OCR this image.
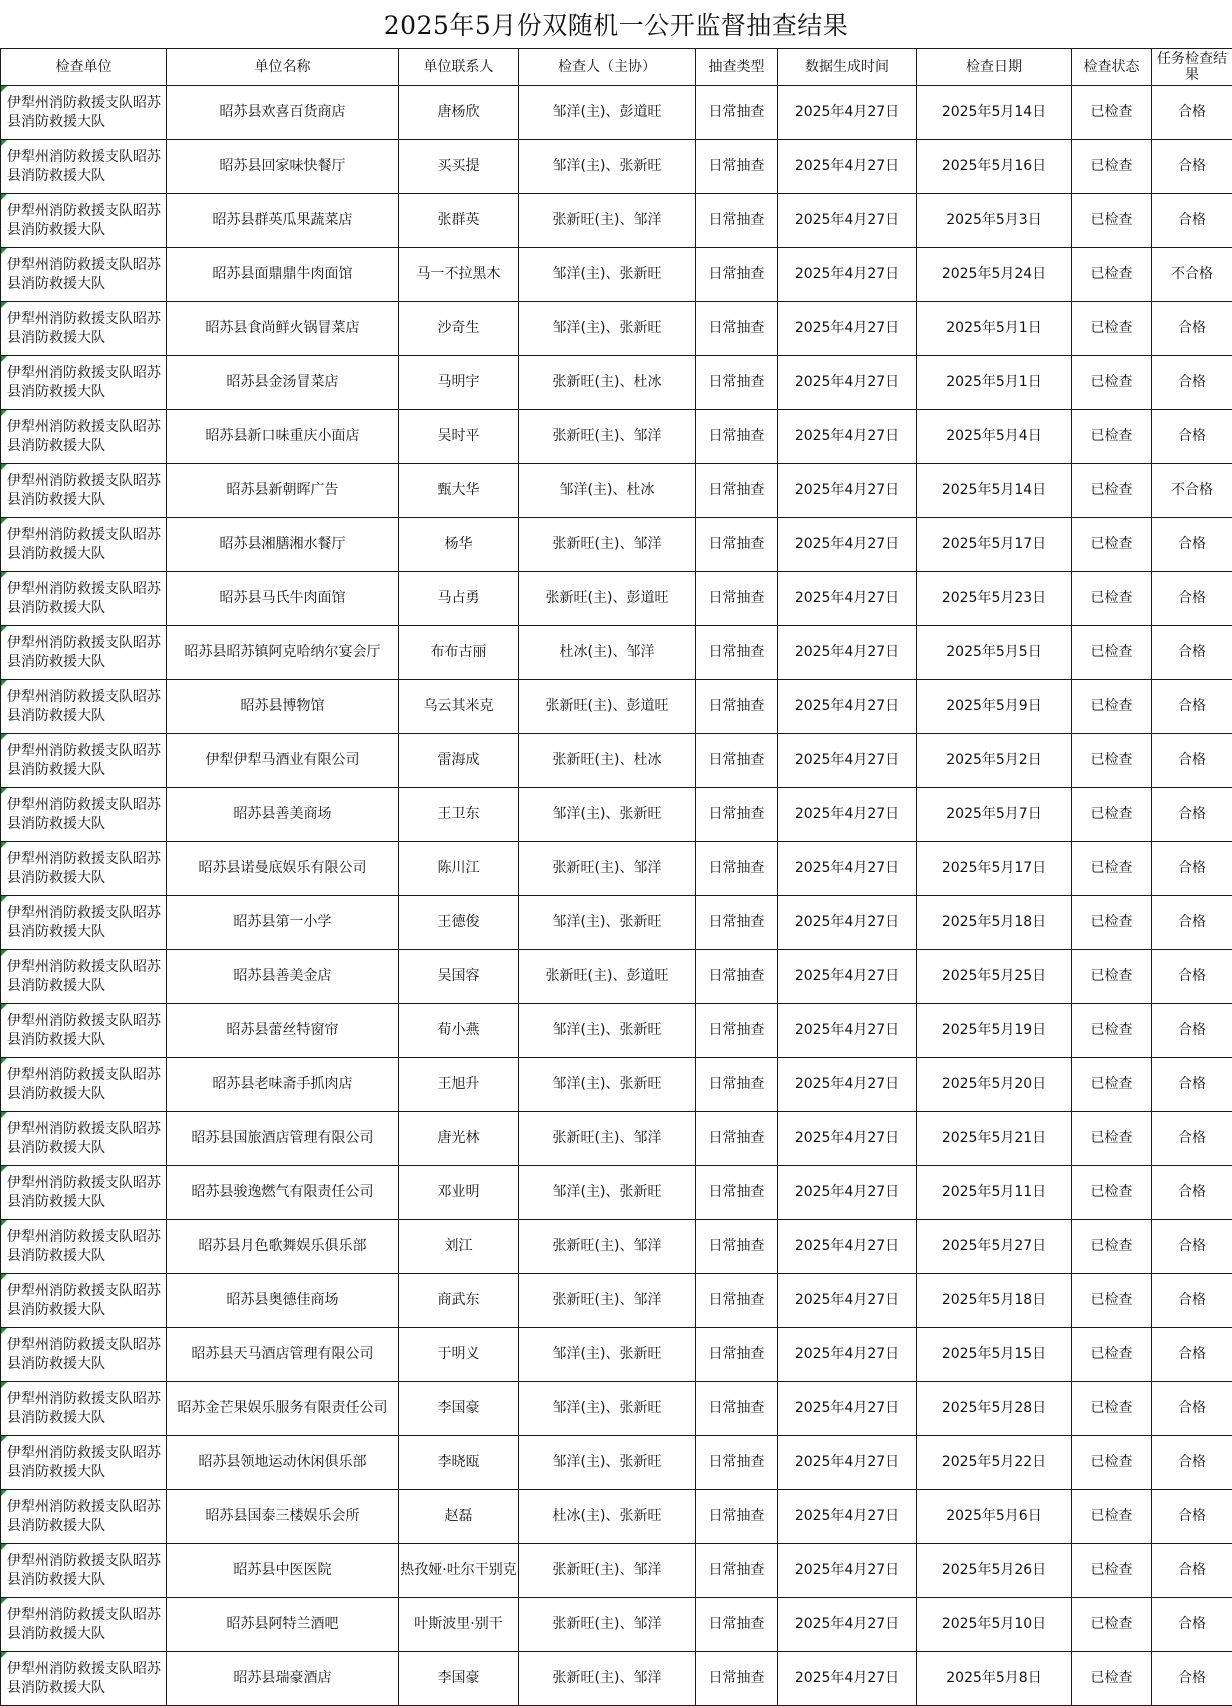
2025年5月份双随机一公开监督抽查结果
检查单位	单位名称	单位联系人	检查人（主协）	抽查类型	数据生成时间	检查日期	检查状态	任务检查结果
伊犁州消防救援支队昭苏县消防救援大队	昭苏县欢喜百货商店	唐杨欣	邹洋(主)、彭道旺	日常抽查	2025年4月27日	2025年5月14日	已检查	合格
伊犁州消防救援支队昭苏县消防救援大队	昭苏县回家味快餐厅	买买提	邹洋(主)、张新旺	日常抽查	2025年4月27日	2025年5月16日	已检查	合格
伊犁州消防救援支队昭苏县消防救援大队	昭苏县群英瓜果蔬菜店	张群英	张新旺(主)、邹洋	日常抽查	2025年4月27日	2025年5月3日	已检查	合格
伊犁州消防救援支队昭苏县消防救援大队	昭苏县面鼎鼎牛肉面馆	马一不拉黑木	邹洋(主)、张新旺	日常抽查	2025年4月27日	2025年5月24日	已检查	不合格
伊犁州消防救援支队昭苏县消防救援大队	昭苏县食尚鲜火锅冒菜店	沙奇生	邹洋(主)、张新旺	日常抽查	2025年4月27日	2025年5月1日	已检查	合格
伊犁州消防救援支队昭苏县消防救援大队	昭苏县金汤冒菜店	马明宇	张新旺(主)、杜冰	日常抽查	2025年4月27日	2025年5月1日	已检查	合格
伊犁州消防救援支队昭苏县消防救援大队	昭苏县新口味重庆小面店	吴时平	张新旺(主)、邹洋	日常抽查	2025年4月27日	2025年5月4日	已检查	合格
伊犁州消防救援支队昭苏县消防救援大队	昭苏县新朝晖广告	甄大华	邹洋(主)、杜冰	日常抽查	2025年4月27日	2025年5月14日	已检查	不合格
伊犁州消防救援支队昭苏县消防救援大队	昭苏县湘膳湘水餐厅	杨华	张新旺(主)、邹洋	日常抽查	2025年4月27日	2025年5月17日	已检查	合格
伊犁州消防救援支队昭苏县消防救援大队	昭苏县马氏牛肉面馆	马占勇	张新旺(主)、彭道旺	日常抽查	2025年4月27日	2025年5月23日	已检查	合格
伊犁州消防救援支队昭苏县消防救援大队	昭苏县昭苏镇阿克哈纳尔宴会厅	布布古丽	杜冰(主)、邹洋	日常抽查	2025年4月27日	2025年5月5日	已检查	合格
伊犁州消防救援支队昭苏县消防救援大队	昭苏县博物馆	乌云其米克	张新旺(主)、彭道旺	日常抽查	2025年4月27日	2025年5月9日	已检查	合格
伊犁州消防救援支队昭苏县消防救援大队	伊犁伊犁马酒业有限公司	雷海成	张新旺(主)、杜冰	日常抽查	2025年4月27日	2025年5月2日	已检查	合格
伊犁州消防救援支队昭苏县消防救援大队	昭苏县善美商场	王卫东	邹洋(主)、张新旺	日常抽查	2025年4月27日	2025年5月7日	已检查	合格
伊犁州消防救援支队昭苏县消防救援大队	昭苏县诺曼底娱乐有限公司	陈川江	张新旺(主)、邹洋	日常抽查	2025年4月27日	2025年5月17日	已检查	合格
伊犁州消防救援支队昭苏县消防救援大队	昭苏县第一小学	王德俊	邹洋(主)、张新旺	日常抽查	2025年4月27日	2025年5月18日	已检查	合格
伊犁州消防救援支队昭苏县消防救援大队	昭苏县善美金店	吴国容	张新旺(主)、彭道旺	日常抽查	2025年4月27日	2025年5月25日	已检查	合格
伊犁州消防救援支队昭苏县消防救援大队	昭苏县蕾丝特窗帘	荀小燕	邹洋(主)、张新旺	日常抽查	2025年4月27日	2025年5月19日	已检查	合格
伊犁州消防救援支队昭苏县消防救援大队	昭苏县老味斋手抓肉店	王旭升	邹洋(主)、张新旺	日常抽查	2025年4月27日	2025年5月20日	已检查	合格
伊犁州消防救援支队昭苏县消防救援大队	昭苏县国旅酒店管理有限公司	唐光林	张新旺(主)、邹洋	日常抽查	2025年4月27日	2025年5月21日	已检查	合格
伊犁州消防救援支队昭苏县消防救援大队	昭苏县骏逸燃气有限责任公司	邓业明	邹洋(主)、张新旺	日常抽查	2025年4月27日	2025年5月11日	已检查	合格
伊犁州消防救援支队昭苏县消防救援大队	昭苏县月色歌舞娱乐俱乐部	刘江	张新旺(主)、邹洋	日常抽查	2025年4月27日	2025年5月27日	已检查	合格
伊犁州消防救援支队昭苏县消防救援大队	昭苏县奥德佳商场	商武东	张新旺(主)、邹洋	日常抽查	2025年4月27日	2025年5月18日	已检查	合格
伊犁州消防救援支队昭苏县消防救援大队	昭苏县天马酒店管理有限公司	于明义	邹洋(主)、张新旺	日常抽查	2025年4月27日	2025年5月15日	已检查	合格
伊犁州消防救援支队昭苏县消防救援大队	昭苏金芒果娱乐服务有限责任公司	李国豪	邹洋(主)、张新旺	日常抽查	2025年4月27日	2025年5月28日	已检查	合格
伊犁州消防救援支队昭苏县消防救援大队	昭苏县领地运动休闲俱乐部	李晓瓯	邹洋(主)、张新旺	日常抽查	2025年4月27日	2025年5月22日	已检查	合格
伊犁州消防救援支队昭苏县消防救援大队	昭苏县国泰三楼娱乐会所	赵磊	杜冰(主)、张新旺	日常抽查	2025年4月27日	2025年5月6日	已检查	合格
伊犁州消防救援支队昭苏县消防救援大队	昭苏县中医医院	热孜娅·吐尔干别克	张新旺(主)、邹洋	日常抽查	2025年4月27日	2025年5月26日	已检查	合格
伊犁州消防救援支队昭苏县消防救援大队	昭苏县阿特兰酒吧	叶斯波里·别干	张新旺(主)、邹洋	日常抽查	2025年4月27日	2025年5月10日	已检查	合格
伊犁州消防救援支队昭苏县消防救援大队	昭苏县瑞豪酒店	李国豪	张新旺(主)、邹洋	日常抽查	2025年4月27日	2025年5月8日	已检查	合格
